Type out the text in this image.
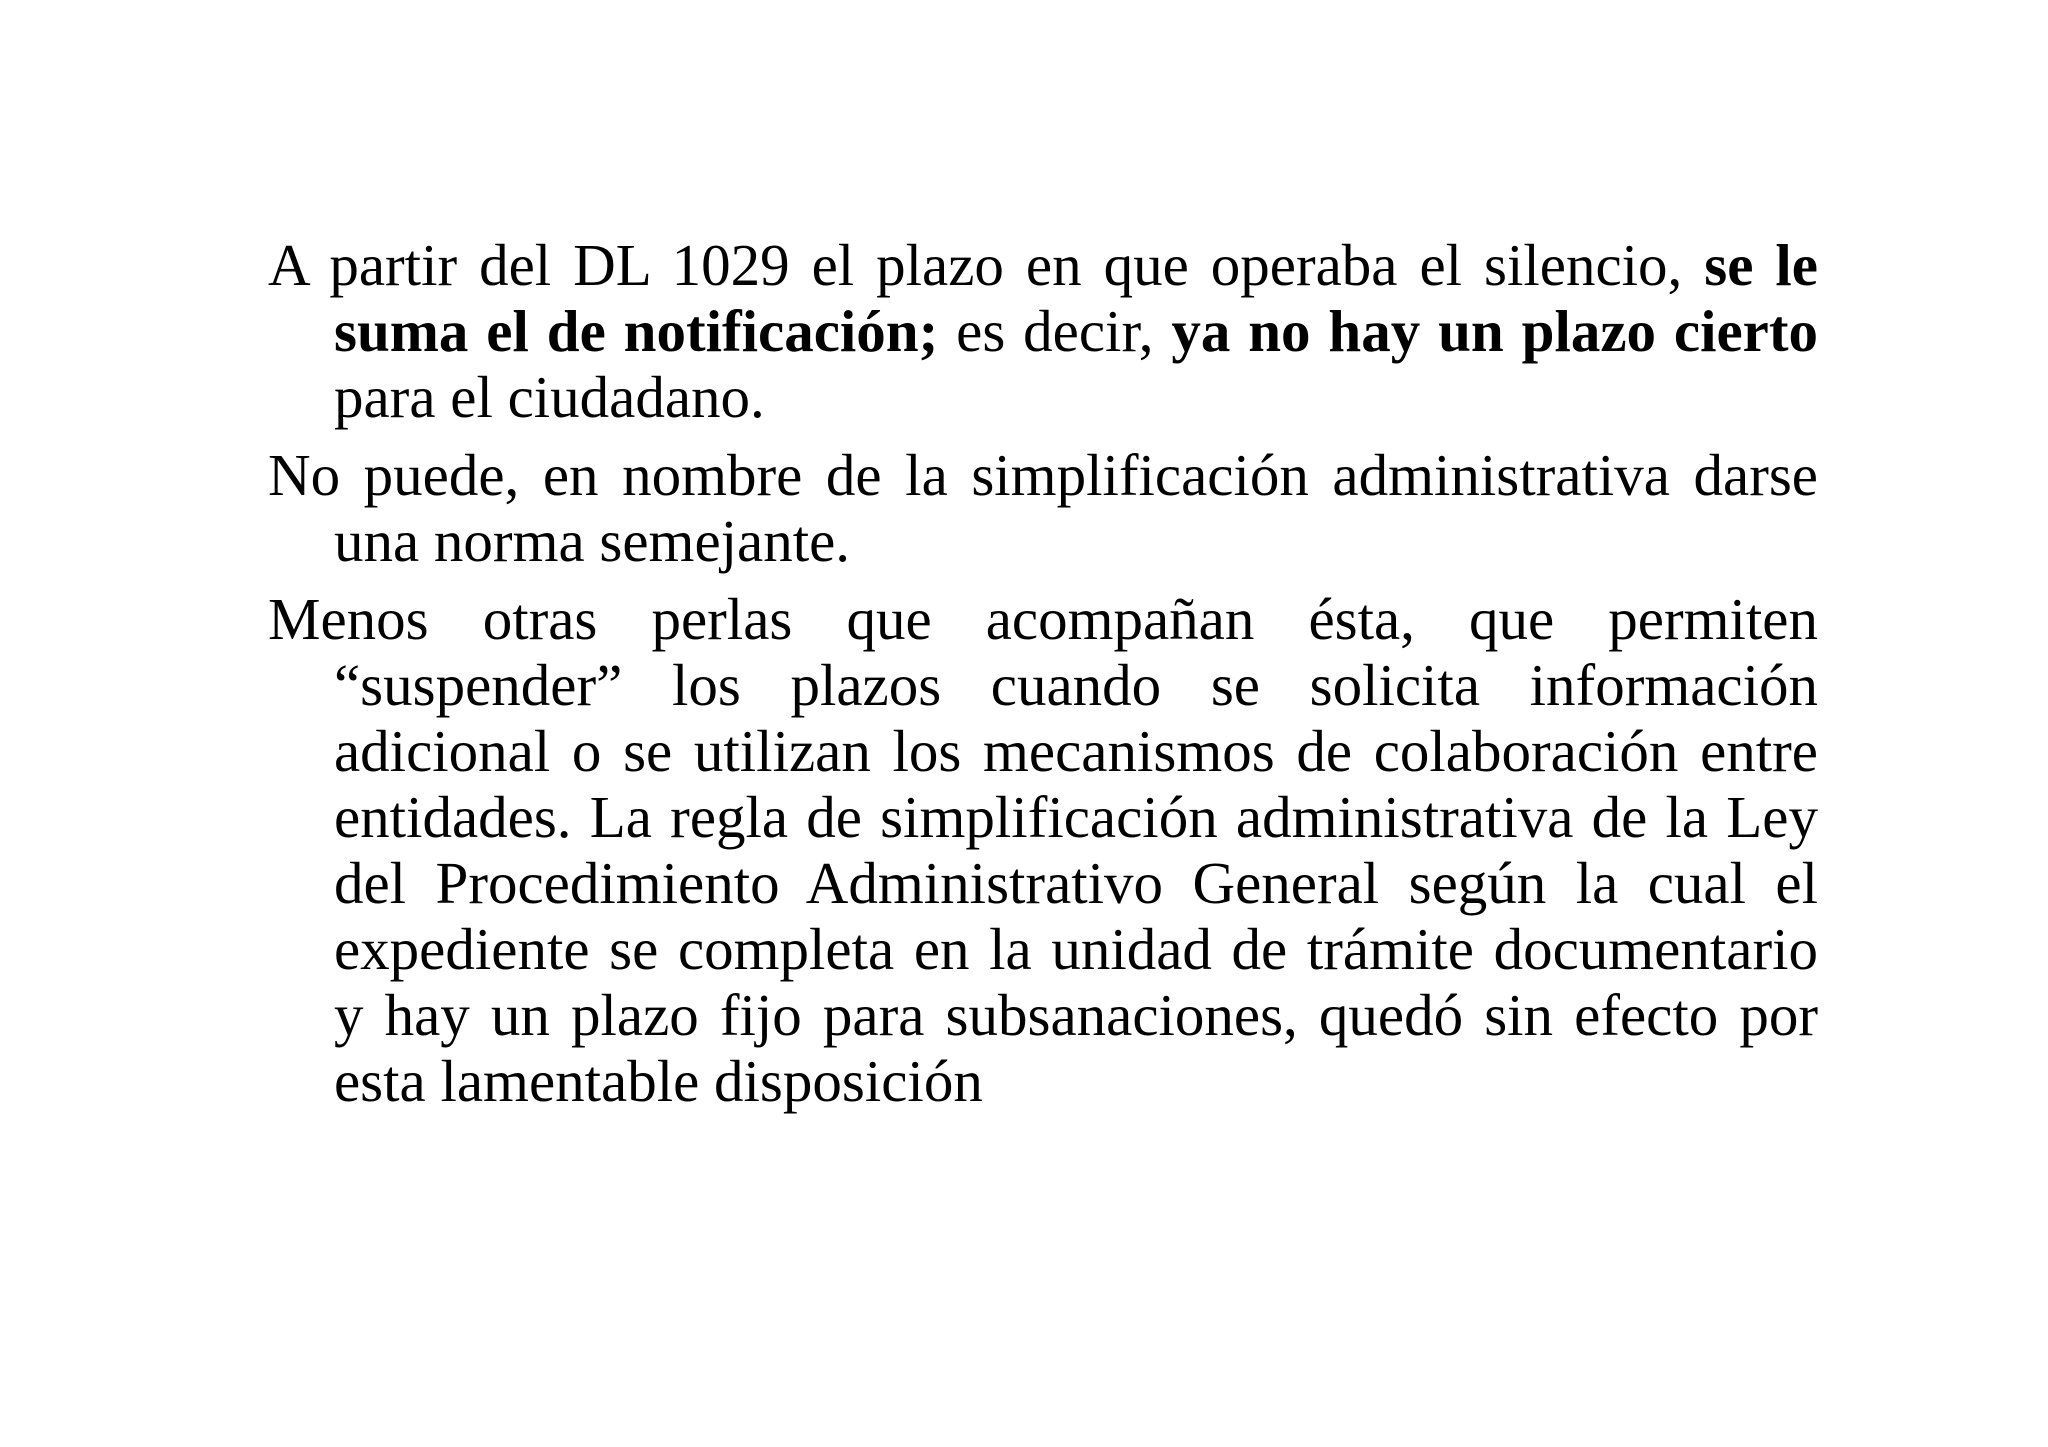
A partir del DL 1029 el plazo en que operaba el silencio, se le suma el de notificación; es decir, ya no hay un plazo cierto para el ciudadano.

No puede, en nombre de la simplificación administrativa darse una norma semejante.

Menos otras perlas que acompañan ésta, que permiten “suspender” los plazos cuando se solicita información adicional o se utilizan los mecanismos de colaboración entre entidades. La regla de simplificación administrativa de la Ley del Procedimiento Administrativo General según la cual el expediente se completa en la unidad de trámite documentario y hay un plazo fijo para subsanaciones, quedó sin efecto por esta lamentable disposición
